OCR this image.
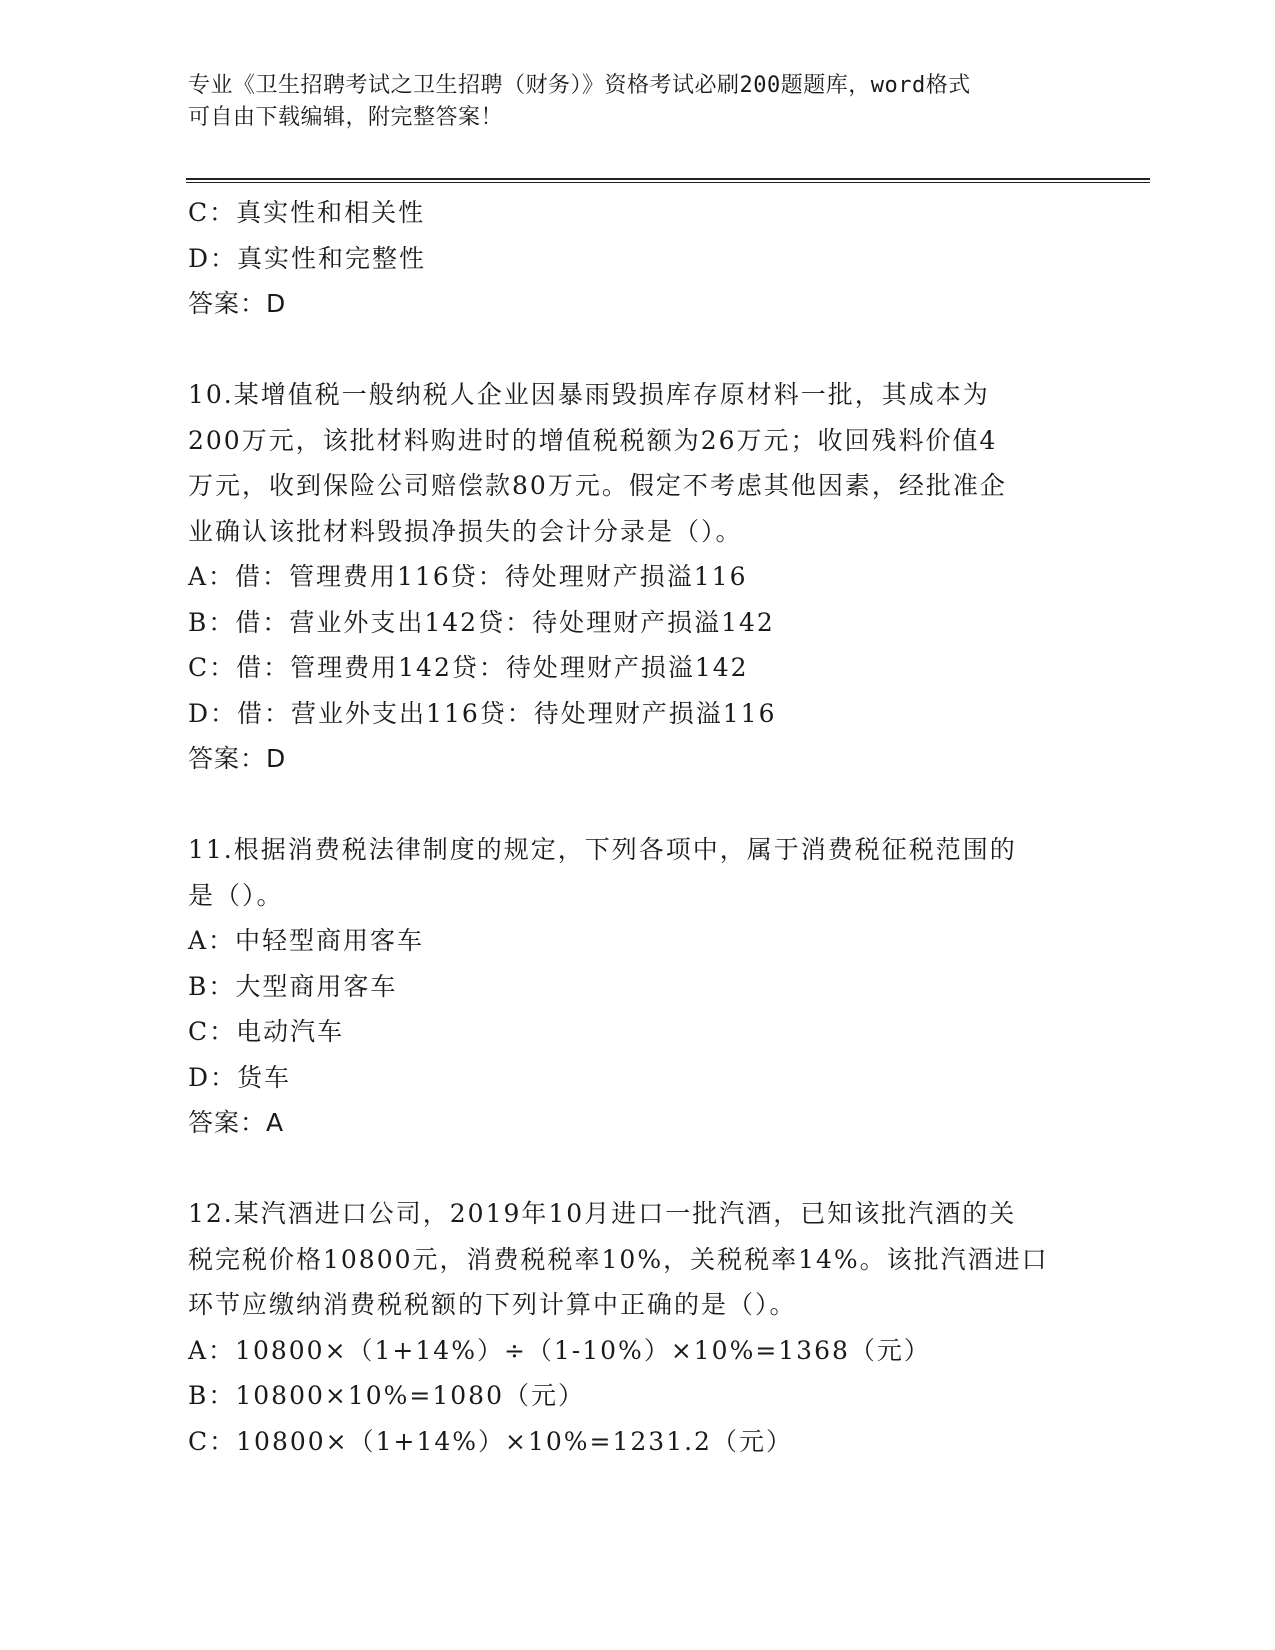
专业《卫生招聘考试之卫生招聘（财务）》资格考试必刷200题题库，word格式
可自由下载编辑，附完整答案！
C：真实性和相关性
D：真实性和完整性
答案：D
10.某增值税一般纳税人企业因暴雨毁损库存原材料一批，其成本为
200万元，该批材料购进时的增值税税额为26万元；收回残料价值4
万元，收到保险公司赔偿款80万元。假定不考虑其他因素，经批准企
业确认该批材料毁损净损失的会计分录是（）。
A：借：管理费用116贷：待处理财产损溢116
B：借：营业外支出142贷：待处理财产损溢142
C：借：管理费用142贷：待处理财产损溢142
D：借：营业外支出116贷：待处理财产损溢116
答案：D
11.根据消费税法律制度的规定，下列各项中，属于消费税征税范围的
是（）。
A：中轻型商用客车
B：大型商用客车
C：电动汽车
D：货车
答案：A
12.某汽酒进口公司，2019年10月进口一批汽酒，已知该批汽酒的关
税完税价格10800元，消费税税率10%，关税税率14%。该批汽酒进口
环节应缴纳消费税税额的下列计算中正确的是（）。
A：10800×（1+14%）÷（1-10%）×10%=1368（元）
B：10800×10%=1080（元）
C：10800×（1+14%）×10%=1231.2（元）
